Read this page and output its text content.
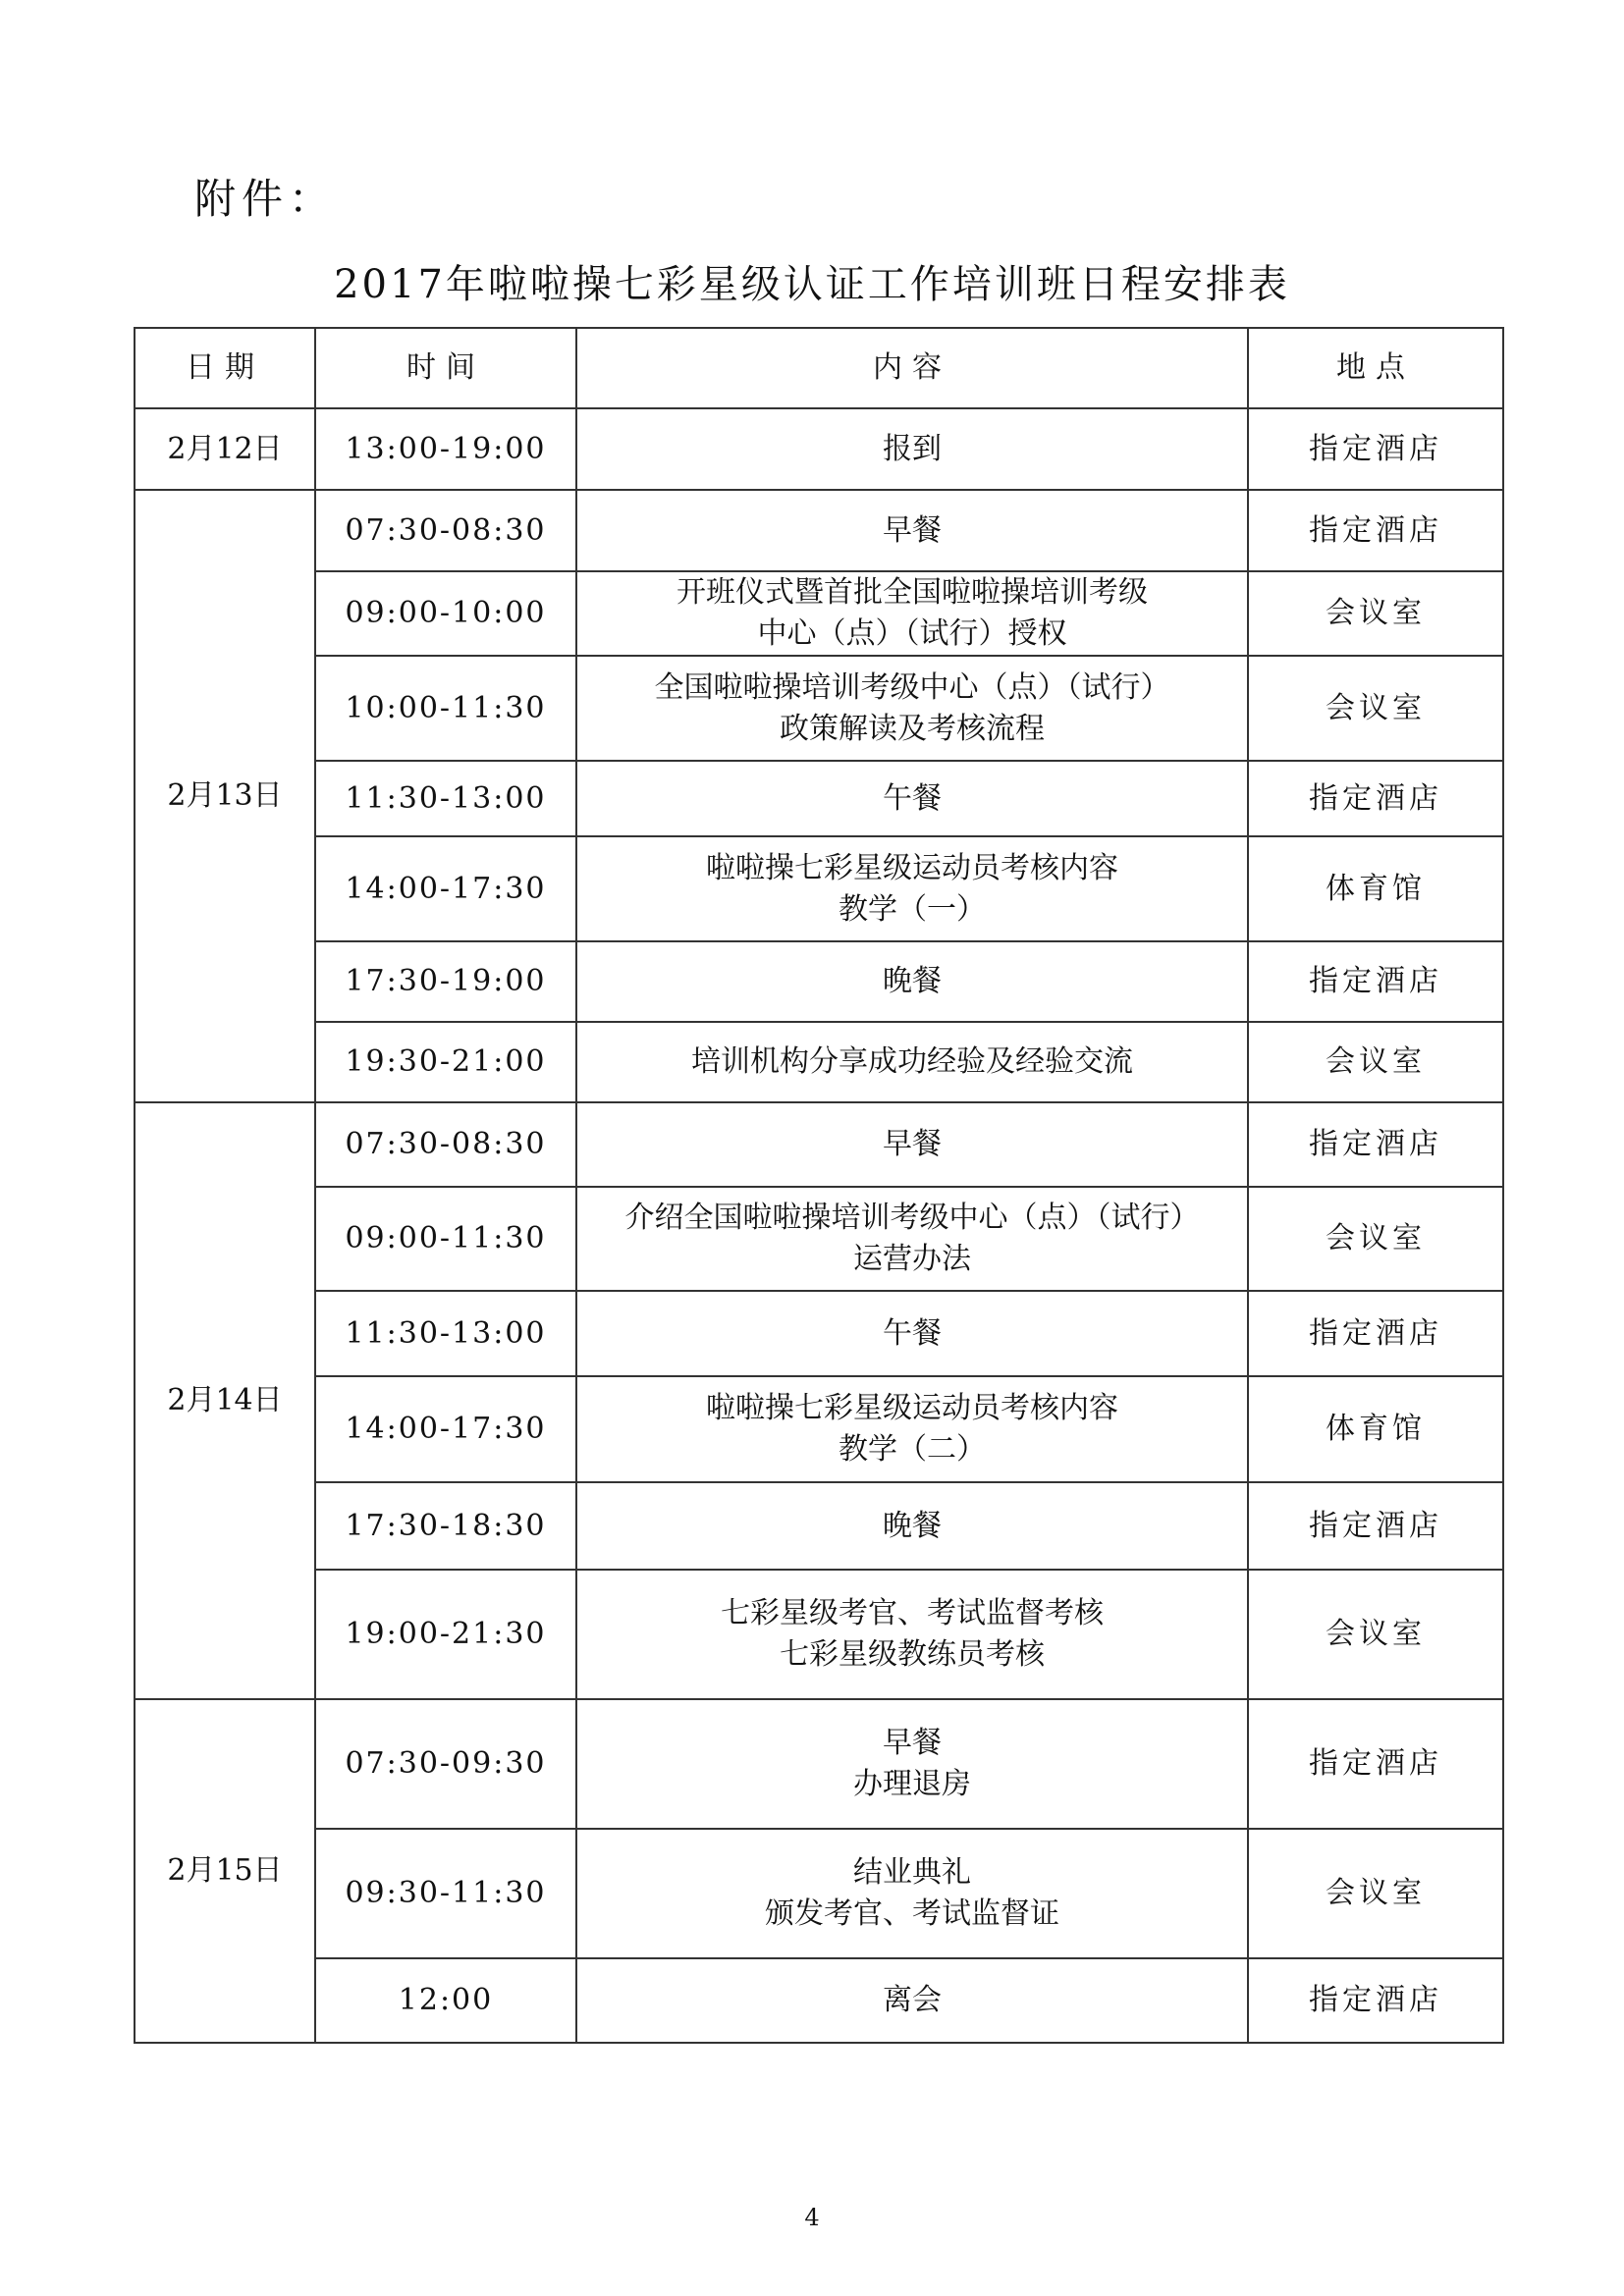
附件：
2017年啦啦操七彩星级认证工作培训班日程安排表
日期	时间	内容	地点
2月12日	13:00-19:00	报到	指定酒店
2月13日	07:30-08:30	早餐	指定酒店
	09:00-10:00	开班仪式暨首批全国啦啦操培训考级
中心（点）（试行）授权	会议室
	10:00-11:30	全国啦啦操培训考级中心（点）（试行）
政策解读及考核流程	会议室
	11:30-13:00	午餐	指定酒店
	14:00-17:30	啦啦操七彩星级运动员考核内容
教学（一）	体育馆
	17:30-19:00	晚餐	指定酒店
	19:30-21:00	培训机构分享成功经验及经验交流	会议室
2月14日	07:30-08:30	早餐	指定酒店
	09:00-11:30	介绍全国啦啦操培训考级中心（点）（试行）
运营办法	会议室
	11:30-13:00	午餐	指定酒店
	14:00-17:30	啦啦操七彩星级运动员考核内容
教学（二）	体育馆
	17:30-18:30	晚餐	指定酒店
	19:00-21:30	七彩星级考官、考试监督考核
七彩星级教练员考核	会议室
2月15日	07:30-09:30	早餐
办理退房	指定酒店
	09:30-11:30	结业典礼
颁发考官、考试监督证	会议室
	12:00	离会	指定酒店
4
